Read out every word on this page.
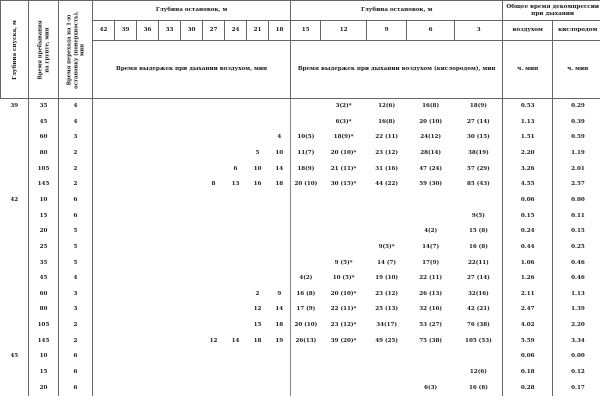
Глубина спуска, м	Время пребывания на грунте, мин	Время перехода на 1-ю остановку (поверхность), мин	Глубина остановок, м									Глубина остановок, м					Общее время декомпрессии при дыхании	
			42	39	36	33	30	27	24	21	18	15	12	9	6	3	воздухом	кислородом
			Время выдержек при дыхании воздухом, мин									Время выдержек при дыхании воздухом (кислородом), мин					ч. мин	ч. мин
39	35	4											3(2)*	12(6)	16(8)	18(9)	0.53	0.29
	45	4											6(3)*	16(8)	20 (10)	27 (14)	1.13	0.39
	60	3									4	10(5)	18(9)*	22 (11)	24(12)	30 (15)	1.51	0.59
	80	2								5	10	11(7)	20 (10)*	23 (12)	28(14)	38(19)	2.20	1.19
	105	2							6	10	14	18(9)	21 (11)*	31 (16)	47 (24)	57 (29)	3.26	2.01
	145	2						8	13	16	18	20 (10)	30 (15)*	44 (22)	59 (30)	85 (43)	4.55	2.57
42	10	6															0.06	0.00
	15	6														9(5)	0.15	0.11
	20	5													4(2)	15 (8)	0.24	0.15
	25	5												9(5)*	14(7)	16 (8)	0.44	0.25
	35	5											9 (5)*	14 (7)	17(9)	22(11)	1.06	0.46
	45	4										4(2)	10 (5)*	19 (10)	22 (11)	27 (14)	1.26	0.46
	60	3								2	9	16 (8)	20 (10)*	23 (12)	26 (13)	32(16)	2.11	1.13
	80	3								12	14	17 (9)	22 (11)*	25 (13)	32 (16)	42 (21)	2.47	1.39
	105	2								15	18	20 (10)	23 (12)*	34(17)	53 (27)	76 (38)	4.02	2.20
	145	2						12	14	18	19	26(13)	39 (20)*	49 (25)	75 (38)	105 (53)	5.59	3.34
45	10	6															0.06	0.00
	15	6														12(6)	0.18	0.12
	20	6													6(3)	16 (8)	0.28	0.17
